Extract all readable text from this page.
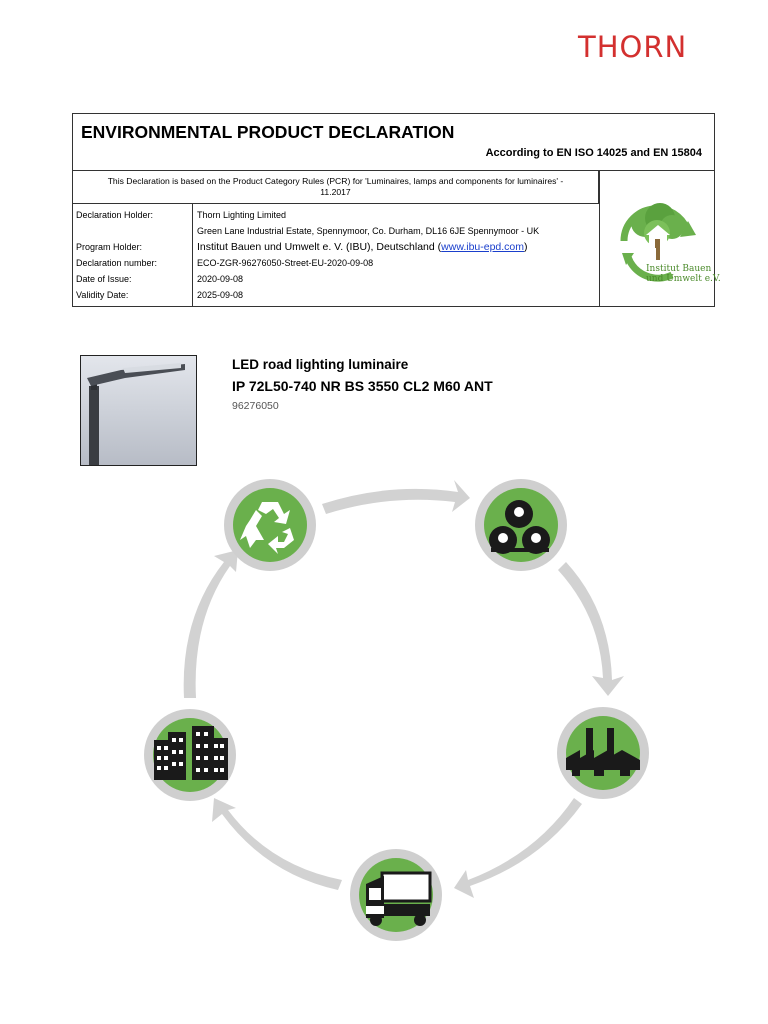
THORN
ENVIRONMENTAL PRODUCT DECLARATION
According to EN ISO 14025 and EN 15804
This Declaration is based on the Product Category Rules (PCR) for 'Luminaires, lamps and components for luminaires' - 11.2017
Declaration Holder:	Thorn Lighting Limited
Green Lane Industrial Estate, Spennymoor, Co. Durham, DL16 6JE Spennymoor - UK
Program Holder:	Institut Bauen und Umwelt e. V. (IBU), Deutschland (www.ibu-epd.com)
Declaration number:	ECO-ZGR-96276050-Street-EU-2020-09-08
Date of Issue:	2020-09-08
Validity Date:	2025-09-08
Institut Bauen
und Umwelt e.V.
LED road lighting luminaire
IP 72L50-740 NR BS 3550 CL2 M60 ANT
96276050
